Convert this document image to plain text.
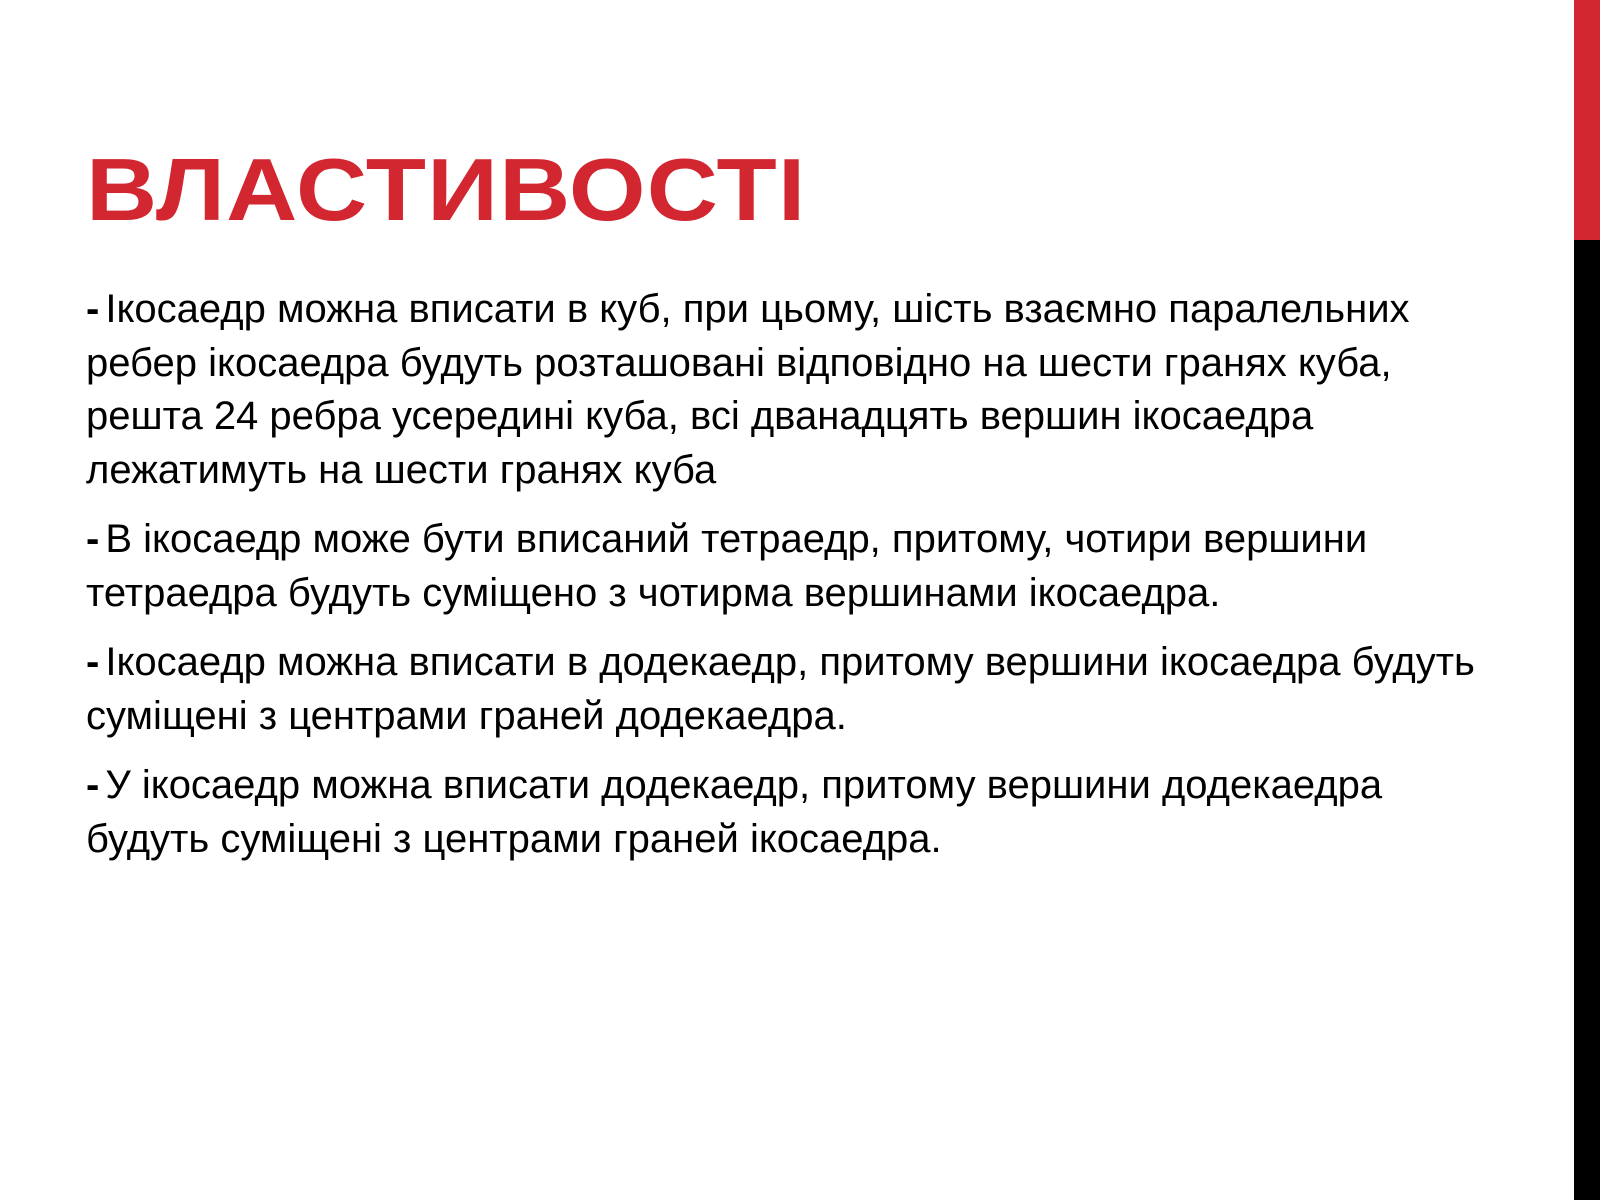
ВЛАСТИВОСТІ

- Ікосаедр можна вписати в куб, при цьому, шість взаємно паралельних ребер ікосаедра будуть розташовані відповідно на шести гранях куба, решта 24 ребра усередині куба, всі дванадцять вершин ікосаедра лежатимуть на шести гранях куба

- В ікосаедр може бути вписаний тетраедр, притому, чотири вершини тетраедра будуть суміщено з чотирма вершинами ікосаедра.

- Ікосаедр можна вписати в додекаедр, притому вершини ікосаедра будуть суміщені з центрами граней додекаедра.

- У ікосаедр можна вписати додекаедр, притому вершини додекаедра будуть суміщені з центрами граней ікосаедра.
